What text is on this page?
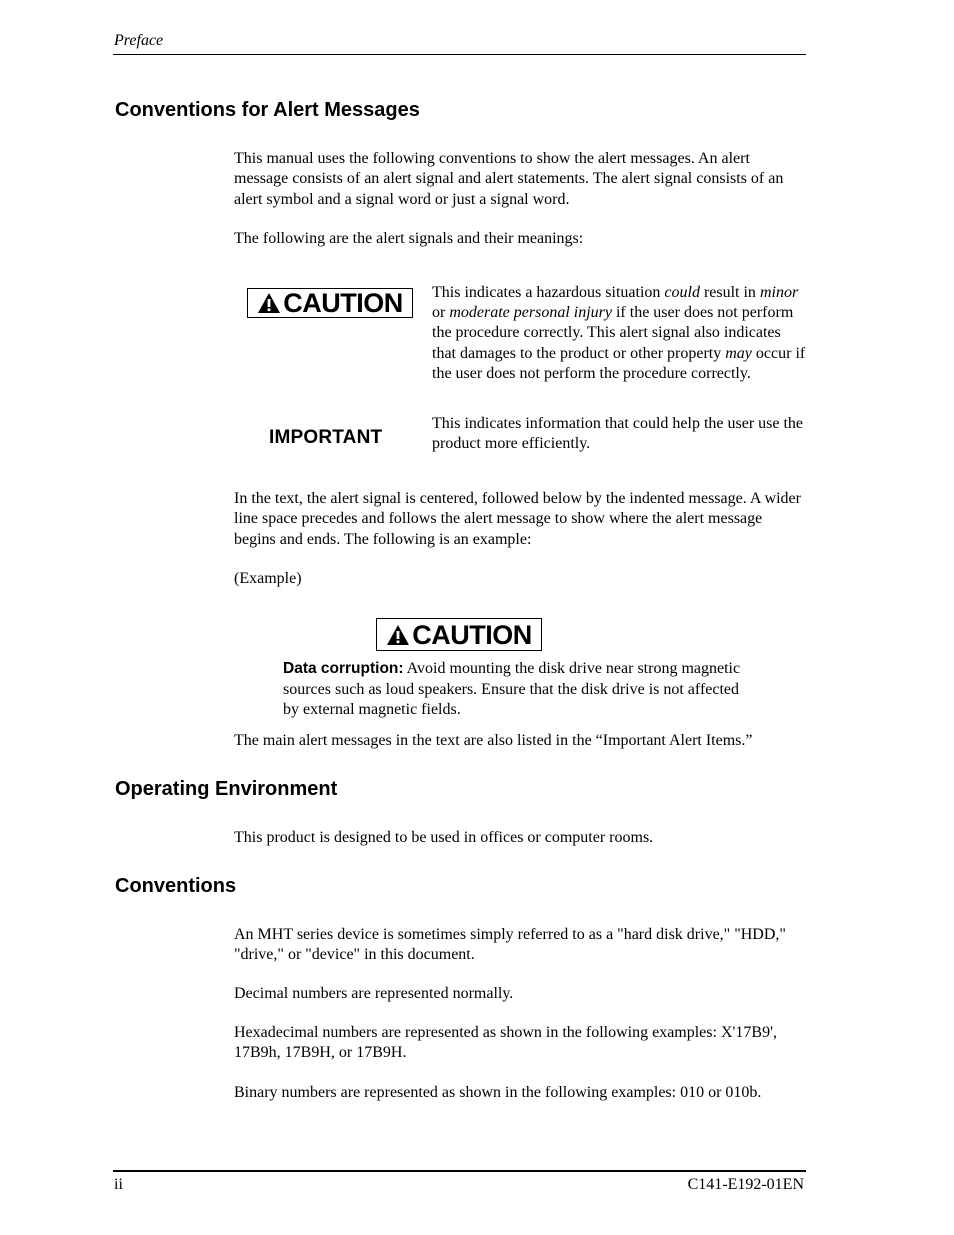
Preface
Conventions for Alert Messages

This manual uses the following conventions to show the alert messages. An alert message consists of an alert signal and alert statements. The alert signal consists of an alert symbol and a signal word or just a signal word.

The following are the alert signals and their meanings:

CAUTION This indicates a hazardous situation could result in minor or moderate personal injury if the user does not perform the procedure correctly. This alert signal also indicates that damages to the product or other property may occur if the user does not perform the procedure correctly.

IMPORTANT

This indicates information that could help the user use the product more efficiently.

In the text, the alert signal is centered, followed below by the indented message. A wider line space precedes and follows the alert message to show where the alert message begins and ends. The following is an example:

(Example)

CAUTION

Data corruption: Avoid mounting the disk drive near strong magnetic sources such as loud speakers. Ensure that the disk drive is not affected by external magnetic fields.

The main alert messages in the text are also listed in the “Important Alert Items.”

Operating Environment

This product is designed to be used in offices or computer rooms.

Conventions

An MHT series device is sometimes simply referred to as a "hard disk drive," "HDD," "drive," or "device" in this document.

Decimal numbers are represented normally.

Hexadecimal numbers are represented as shown in the following examples: X'17B9', 17B9h, 17B9H, or 17B9H.

Binary numbers are represented as shown in the following examples: 010 or 010b.

ii	C141-E192-01EN
